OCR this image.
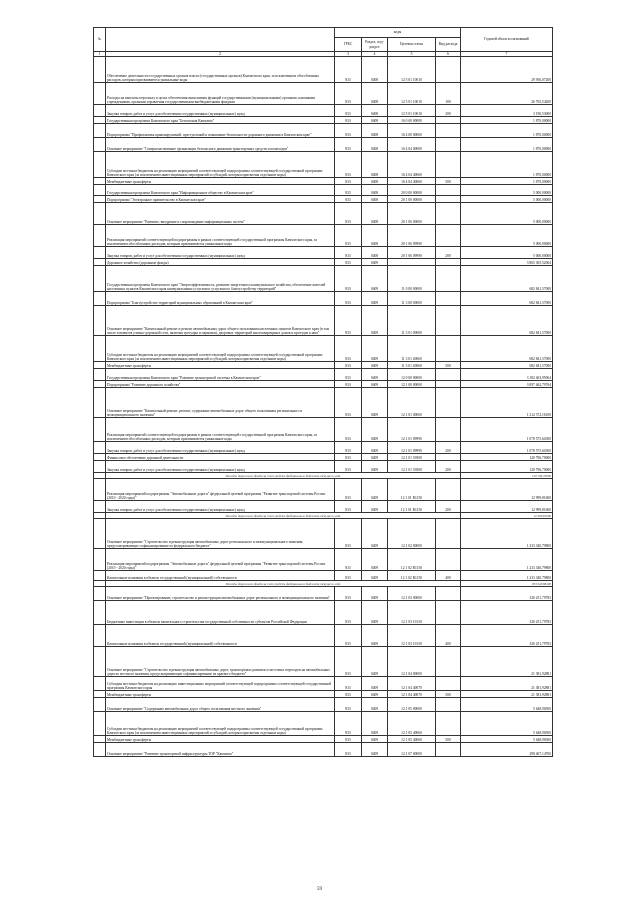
№		коды				Годовой объем ассигнований
		ГРБС	Раздел, под-раздел	Целевая статья	Вид расхода	
1	2	3	4	5	6	7
	Обеспечение деятельности государственных органов власти (государственных органов) Камчатского края, за исключением обособленных расходов, которым присваиваются уникальные коды	833	0408	12 5 01 10010		29 956,07200
	Расходы на выплаты персоналу в целях обеспечения выполнения функций государственными (муниципальными) органами, казенными учреждениями, органами управления государственными внебюджетными фондами	833	0408	12 5 01 10010	100	26 765,54200
	Закупка товаров, работ и услуг для обеспечения государственных (муниципальных) нужд	833	0408	12 5 01 10010	200	3 190,53000
	Государственная программа Камчатского края "Безопасная Камчатка"	833	0408	16 0 00 00000		1 870,00000
	Подпрограмма "Профилактика правонарушений, преступлений и повышение безопасности дорожного движения в Камчатском крае"	833	0408	16 4 00 00000		1 870,00000
	Основное мероприятие "Совершенствование организации безопасного движения транспортных средств и пешеходов"	833	0408	16 4 04 00000		1 870,00000
	Субсидии местным бюджетам на реализацию мероприятий соответствующей подпрограммы соответствующей государственной программы Камчатского края (за исключением инвестиционных мероприятий и субсидий, которым присвоены отдельные коды)	833	0408	16 4 04 40060		1 870,00000
	Межбюджетные трансферты	833	0408	16 4 04 40060	500	1 870,00000
	Государственная программа Камчатского края "Информационное общество в Камчатском крае"	833	0408	20 0 00 00000		5 000,00000
	Подпрограмма "Электронное правительство в Камчатском крае"	833	0408	20 1 00 00000		5 000,00000
	Основное мероприятие "Развитие, внедрение и сопровождение информационных систем"	833	0408	20 1 06 00000		5 000,00000
	Реализация мероприятий соответствующей подпрограммы в рамках соответствующей государственной программы Камчатского края, за исключением обособленных расходов, которым присваиваются уникальные коды	833	0408	20 1 06 09990		5 000,00000
	Закупка товаров, работ и услуг для обеспечения государственных (муниципальных) нужд	833	0408	20 1 06 09990	200	5 000,00000
	Дорожное хозяйство (дорожные фонды)	833	0409			3 865 305,52064
	Государственная программа Камчатского края "Энергоэффективность, развитие энергетики и коммунального хозяйства, обеспечение жителей населенных пунктов Камчатского края коммунальными услугами и услугами по благоустройству территорий"	833	0409	11 0 00 00000		682 841,57000
	Подпрограмма "Благоустройство территорий муниципальных образований в Камчатском крае"	833	0409	11 3 00 00000		682 841,57000
	Основное мероприятие "Капитальный ремонт и ремонт автомобильных дорог общего пользования населенных пунктов Камчатского края (в том числе элементов улично-дорожной сети, включая тротуары и парковки), дворовых территорий многоквартирных домов и проездов к ним"	833	0409	11 3 01 00000		682 841,57000
	Субсидии местным бюджетам на реализацию мероприятий соответствующей подпрограммы соответствующей государственной программы Камчатского края (за исключением инвестиционных мероприятий и субсидий, которым присвоены отдельные коды)	833	0409	11 3 01 40060		682 841,57000
	Межбюджетные трансферты	833	0409	11 3 01 40060	500	682 841,57000
	Государственная программа Камчатского края "Развитие транспортной системы в Камчатском крае"	833	0409	12 0 00 00000		3 182 463,95064
	Подпрограмма "Развитие дорожного хозяйства"	833	0409	12 1 00 00000		3 097 462,79764
	Основное мероприятие "Капитальный ремонт, ремонт, содержание автомобильных дорог общего пользования регионального и межмуниципального значения"	833	0409	12 1 01 00000		1 212 372,16100
	Реализация мероприятий соответствующей подпрограммы в рамках соответствующей государственной программы Камчатского края, за исключением обособленных расходов, которым присваиваются уникальные коды	833	0409	12 1 01 09990		1 078 575,64500
	Закупка товаров, работ и услуг для обеспечения государственных (муниципальных) нужд	833	0409	12 1 01 09990	200	1 078 575,64500
	Финансовое обеспечение дорожной деятельности	833	0409	12 1 01 53900		120 796,70000
	Закупка товаров, работ и услуг для обеспечения государственных (муниципальных) нужд	833	0409	12 1 01 53900	200	120 796,70000
	Расходы дорожного фонда за счет средств федерального бюджета текущего года					120 796,70000
	Реализация мероприятий подпрограммы "Автомобильные дороги" федеральной целевой программы "Развитие транспортной системы России (2010 - 2020 годы)"	833	0409	12 1 01 R1150		12 999,81600
	Закупка товаров, работ и услуг для обеспечения государственных (муниципальных) нужд	833	0409	12 1 01 R1150	200	12 999,81600
	Расходы дорожного фонда за счет средств федерального бюджета текущего года					12 999,81600
	Основное мероприятие "Строительство и реконструкция автомобильных дорог регионального и межмуниципального значения, предусматривающие софинансирование из федерального бюджета"	833	0409	12 1 02 00000		1 233 340,79800
	Реализация мероприятий подпрограммы "Автомобильные дороги" федеральной целевой программы "Развитие транспортной системы России (2010 - 2020 годы)"	833	0409	12 1 02 R1150		1 233 340,79800
	Капитальные вложения в объекты государственной (муниципальной) собственности	833	0409	12 1 02 R1150	400	1 233 340,79800
	Расходы дорожного фонда за счет средств федерального бюджета текущего года					953 040,88400
	Основное мероприятие "Проектирование, строительство и реконструкция автомобильных дорог регионального и межмуниципального значения"	833	0409	12 1 03 00000		326 251,79783
	Бюджетные инвестиции в объекты капитального строительства государственной собственности субъектов Российской Федерации	833	0409	12 1 03 10130		326 251,79783
	Капитальные вложения в объекты государственной (муниципальной) собственности	833	0409	12 1 03 10130	400	326 251,79783
	Основное мероприятие "Строительство и реконструкция автомобильных дорог, транспортных развязок и мостовых переходов на автомобильных дорогах местного значения, предусматривающие софинансирование из краевого бюджета"	833	0409	12 1 04 00000		21 381,92881
	Субсидии местным бюджетам на реализацию инвестиционных мероприятий соответствующей подпрограммы соответствующей государственной программы Камчатского края	833	0409	12 1 04 40070		21 381,92881
	Межбюджетные трансферты	833	0409	12 1 04 40070	500	21 381,92881
	Основное мероприятие "Содержание автомобильных дорог общего пользования местного значения"	833	0409	12 1 05 00000		5 648,96500
	Субсидии местным бюджетам на реализацию мероприятий соответствующей подпрограммы соответствующей государственной программы Камчатского края (за исключением инвестиционных мероприятий и субсидий, которым присвоены отдельные коды)	833	0409	12 1 05 40060		5 648,96500
	Межбюджетные трансферты	833	0409	12 1 05 40060	500	5 648,96500
	Основное мероприятие "Развитие транспортной инфраструктуры ТОР "Камчатка"	833	0409	12 1 07 00000		298 467,14700
59
